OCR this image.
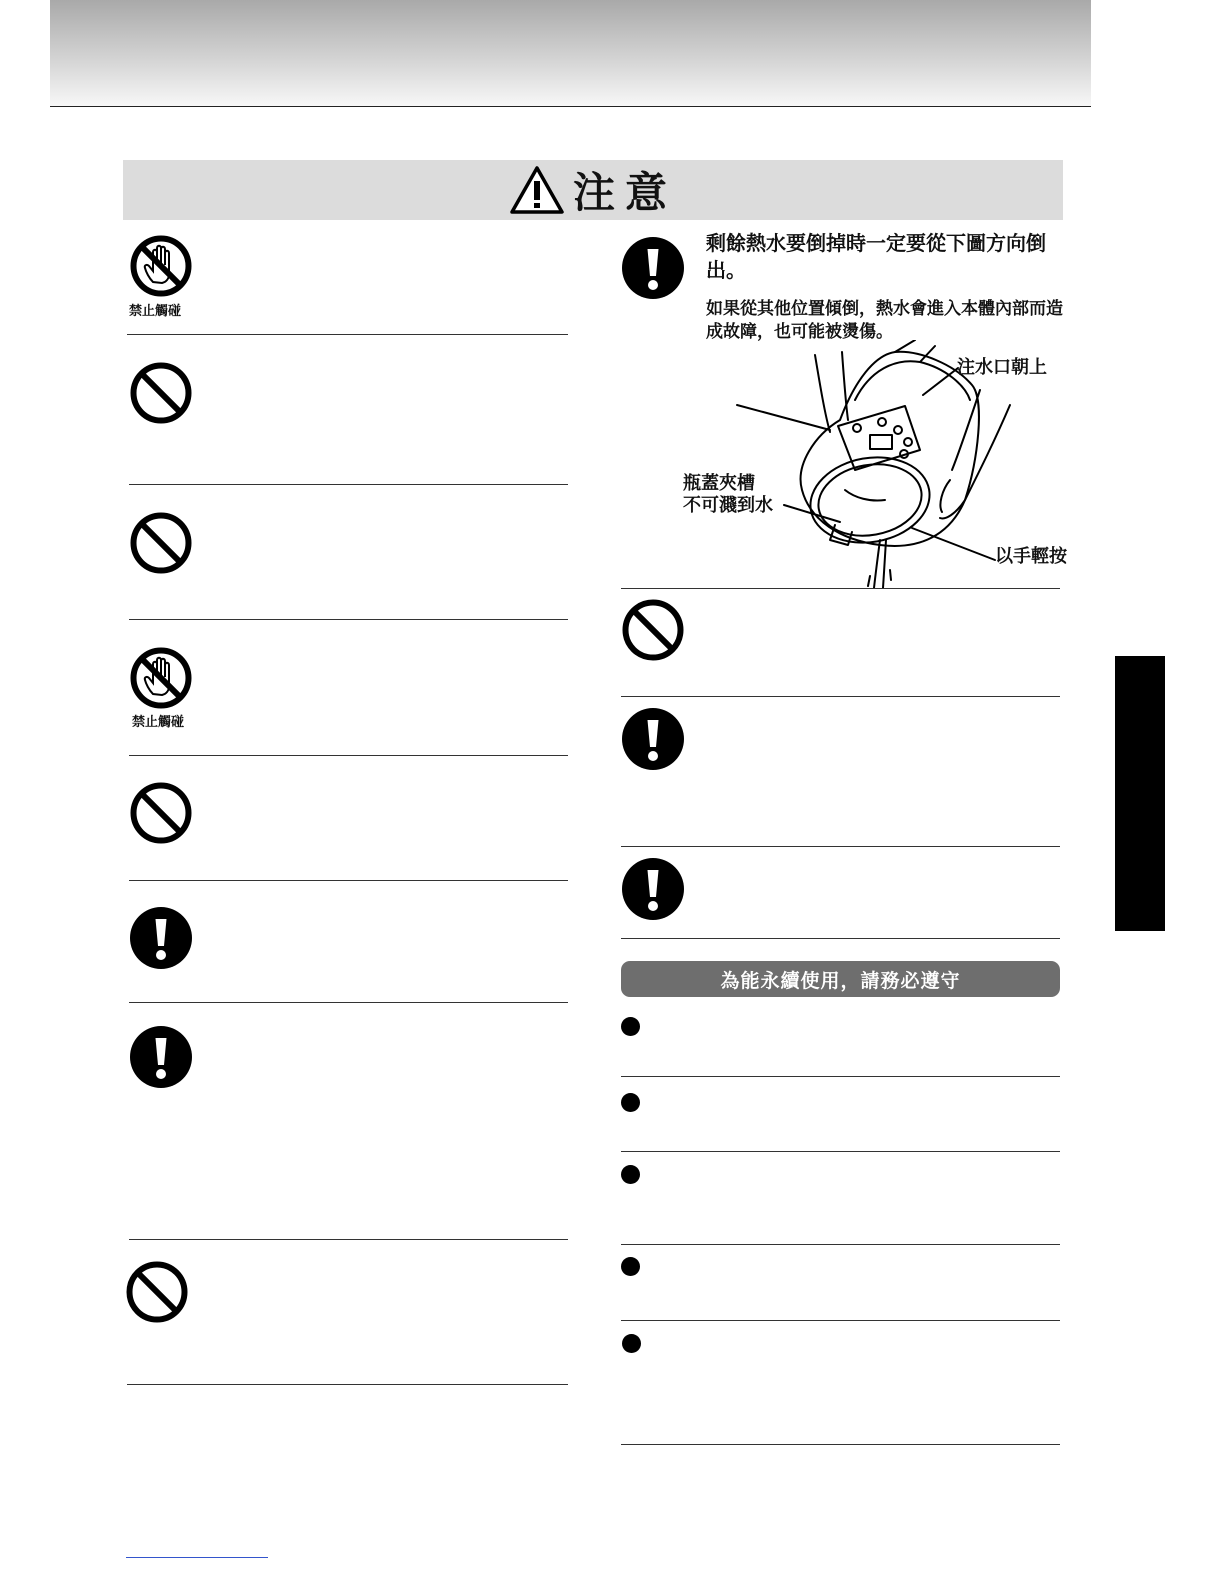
注意
禁止觸碰
禁止觸碰
剩餘熱水要倒掉時一定要從下圖方向倒出。
如果從其他位置傾倒，熱水會進入本體內部而造成故障，也可能被燙傷。
注水口朝上
瓶蓋夾槽
不可濺到水
以手輕按
為能永續使用，請務必遵守
